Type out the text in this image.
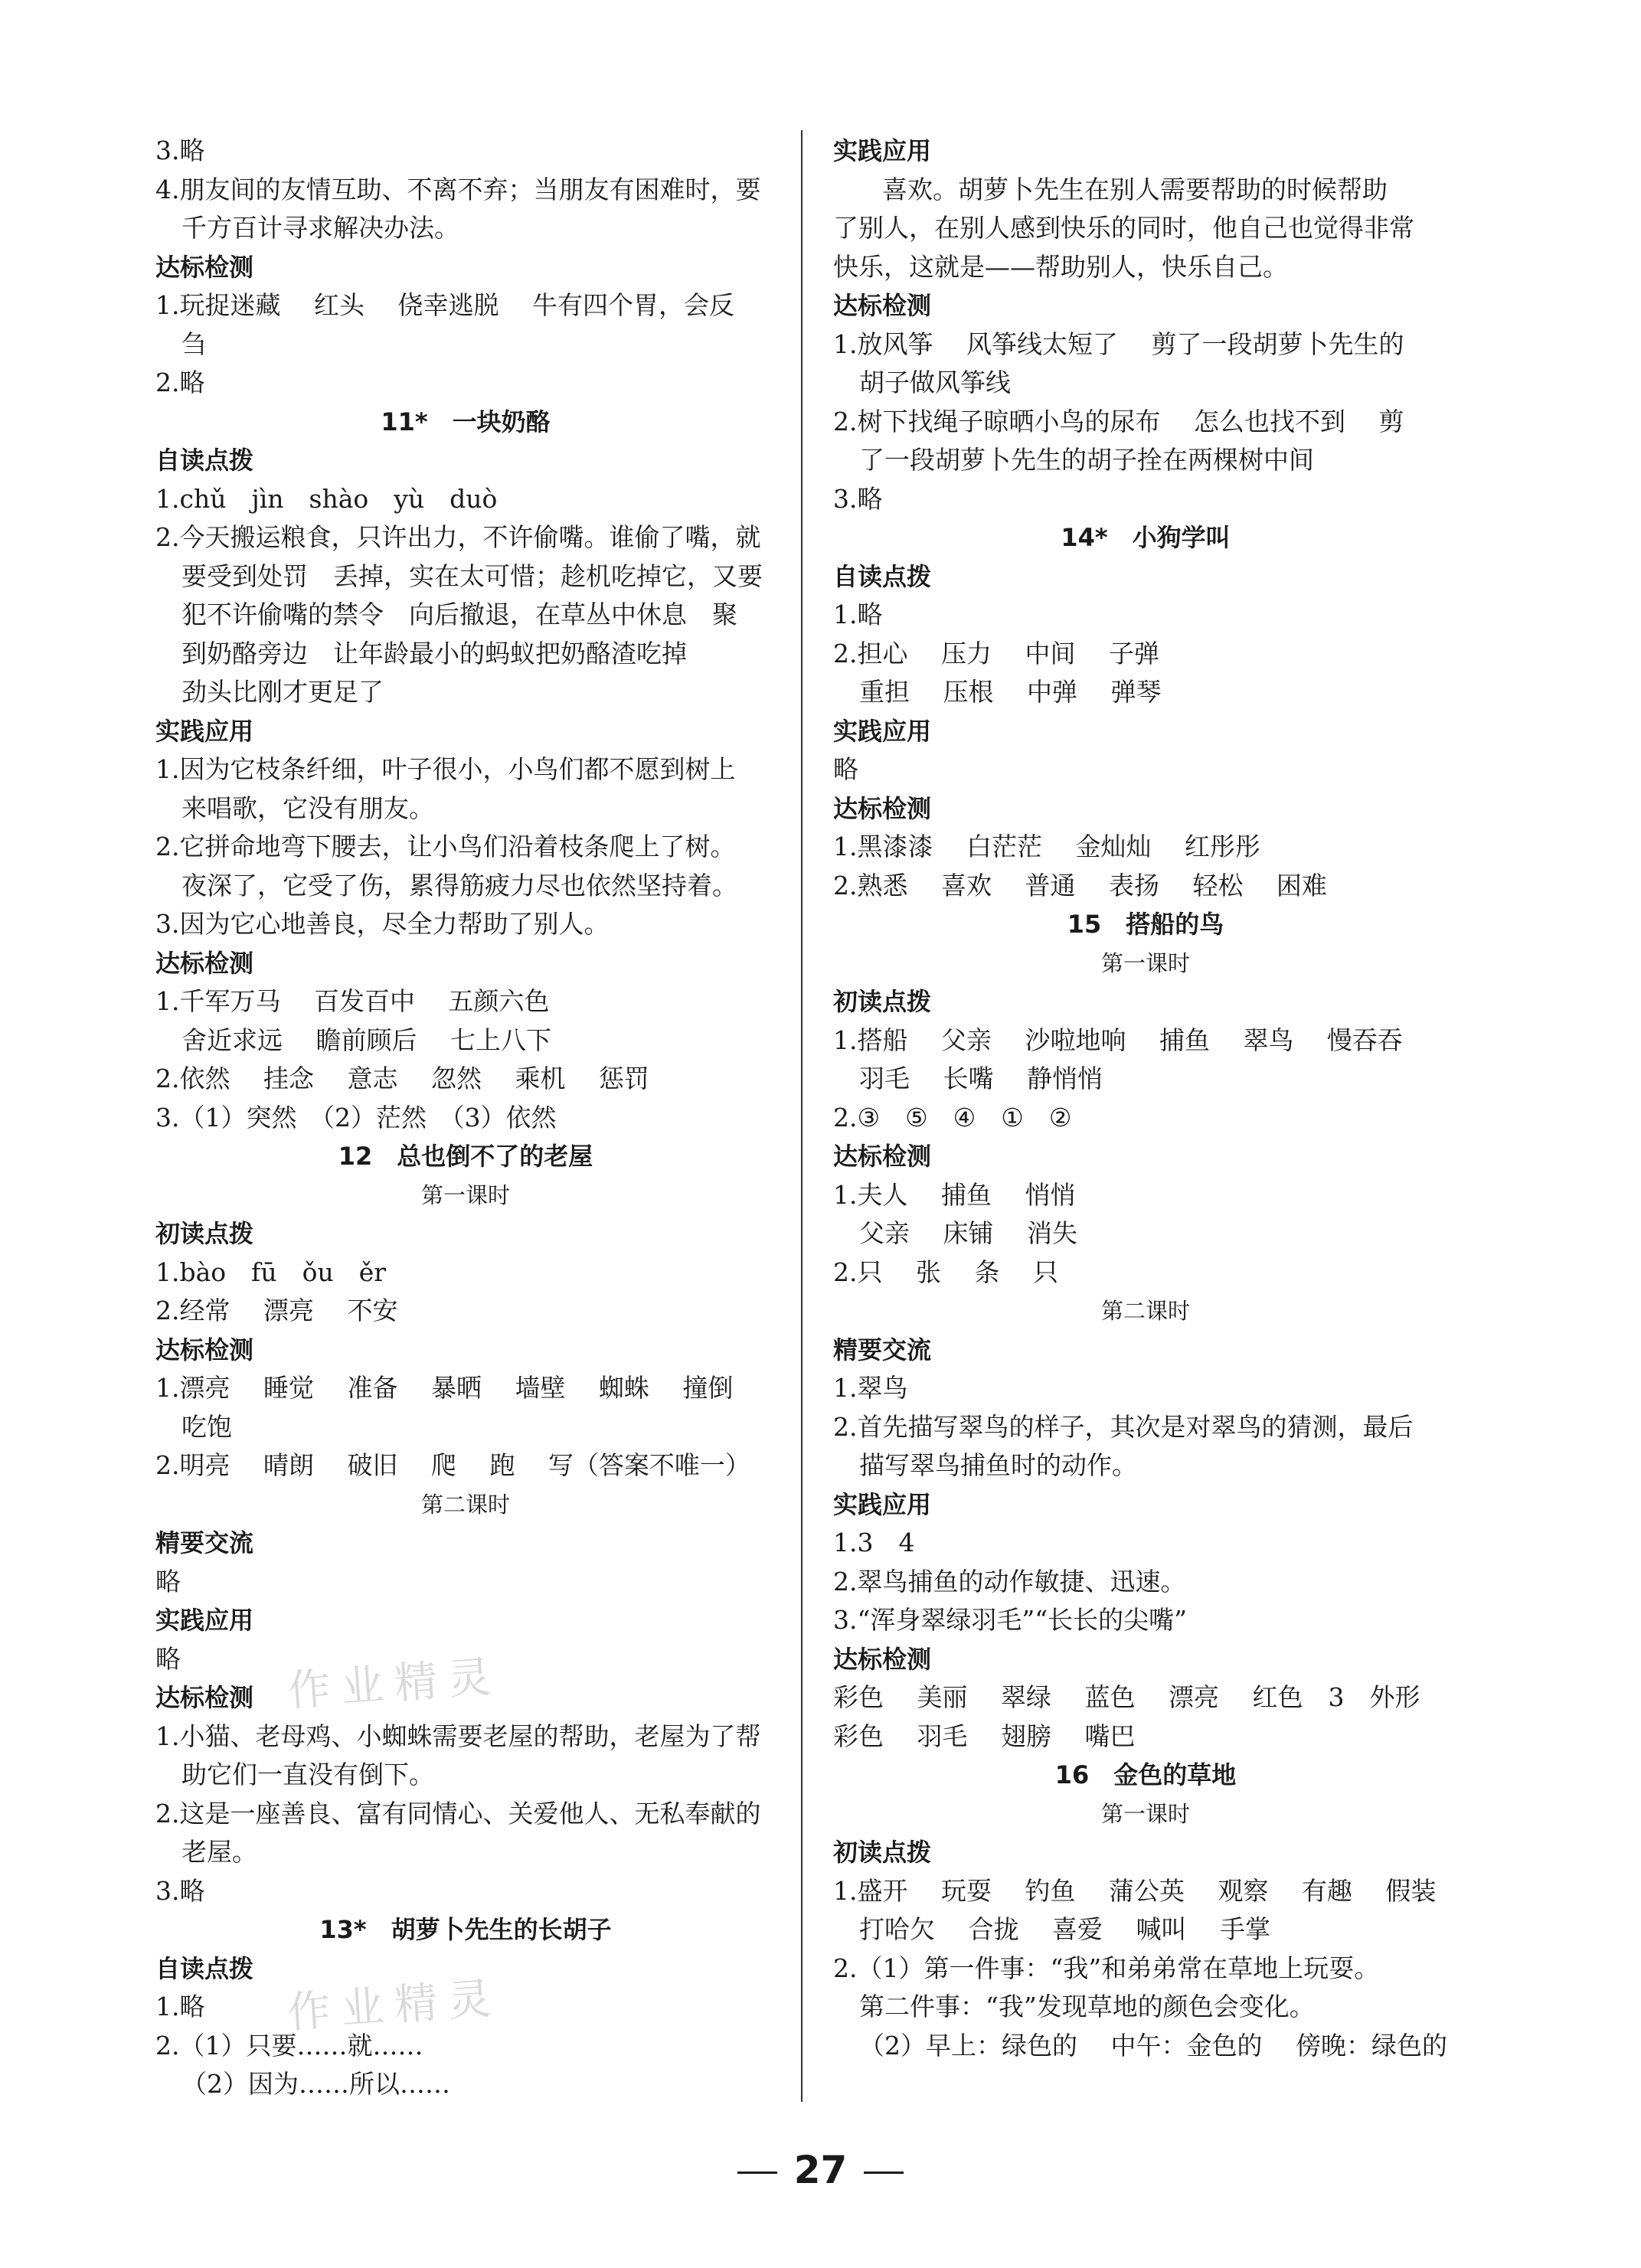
3.略
4.朋友间的友情互助、不离不弃；当朋友有困难时，要
千方百计寻求解决办法。
达标检测
1.玩捉迷藏　 红头　 侥幸逃脱　 牛有四个胃，会反
刍
2.略
11*　一块奶酪
自读点拨
1.chǔ　jìn　shào　yù　duò
2.今天搬运粮食，只许出力，不许偷嘴。谁偷了嘴，就
要受到处罚　丢掉，实在太可惜；趁机吃掉它，又要
犯不许偷嘴的禁令　向后撤退，在草丛中休息　聚
到奶酪旁边　让年龄最小的蚂蚁把奶酪渣吃掉
劲头比刚才更足了
实践应用
1.因为它枝条纤细，叶子很小，小鸟们都不愿到树上
来唱歌，它没有朋友。
2.它拼命地弯下腰去，让小鸟们沿着枝条爬上了树。
夜深了，它受了伤，累得筋疲力尽也依然坚持着。
3.因为它心地善良，尽全力帮助了别人。
达标检测
1.千军万马　 百发百中　 五颜六色
舍近求远　 瞻前顾后　 七上八下
2.依然　 挂念　 意志　 忽然　 乘机　 惩罚
3.（1）突然　（2）茫然　（3）依然
12　总也倒不了的老屋
第一课时
初读点拨
1.bào　fū　ǒu　ěr
2.经常　 漂亮　 不安
达标检测
1.漂亮　 睡觉　 准备　 暴晒　 墙壁　 蜘蛛　 撞倒
吃饱
2.明亮　 晴朗　 破旧　 爬　 跑　 写（答案不唯一）
第二课时
精要交流
略
实践应用
略
达标检测
1.小猫、老母鸡、小蜘蛛需要老屋的帮助，老屋为了帮
助它们一直没有倒下。
2.这是一座善良、富有同情心、关爱他人、无私奉献的
老屋。
3.略
13*　胡萝卜先生的长胡子
自读点拨
1.略
2.（1）只要……就……
（2）因为……所以……
实践应用
喜欢。胡萝卜先生在别人需要帮助的时候帮助
了别人，在别人感到快乐的同时，他自己也觉得非常
快乐，这就是——帮助别人，快乐自己。
达标检测
1.放风筝　 风筝线太短了　 剪了一段胡萝卜先生的
胡子做风筝线
2.树下找绳子晾晒小鸟的尿布　 怎么也找不到　 剪
了一段胡萝卜先生的胡子拴在两棵树中间
3.略
14*　小狗学叫
自读点拨
1.略
2.担心　 压力　 中间　 子弹
重担　 压根　 中弹　 弹琴
实践应用
略
达标检测
1.黑漆漆　 白茫茫　 金灿灿　 红彤彤
2.熟悉　 喜欢　 普通　 表扬　 轻松　 困难
15　搭船的鸟
第一课时
初读点拨
1.搭船　 父亲　 沙啦地响　 捕鱼　 翠鸟　 慢吞吞
羽毛　 长嘴　 静悄悄
2.③　⑤　④　①　②
达标检测
1.夫人　 捕鱼　 悄悄
父亲　 床铺　 消失
2.只　 张　 条　 只
第二课时
精要交流
1.翠鸟
2.首先描写翠鸟的样子，其次是对翠鸟的猜测，最后
描写翠鸟捕鱼时的动作。
实践应用
1.3　4
2.翠鸟捕鱼的动作敏捷、迅速。
3.“浑身翠绿羽毛”“长长的尖嘴”
达标检测
彩色　 美丽　 翠绿　 蓝色　 漂亮　 红色　3　外形
彩色　 羽毛　 翅膀　 嘴巴
16　金色的草地
第一课时
初读点拨
1.盛开　 玩耍　 钓鱼　 蒲公英　 观察　 有趣　 假装
打哈欠　 合拢　 喜爱　 喊叫　 手掌
2.（1）第一件事：“我”和弟弟常在草地上玩耍。
第二件事：“我”发现草地的颜色会变化。
（2）早上：绿色的　 中午：金色的　 傍晚：绿色的
作业精灵
作业精灵
27
